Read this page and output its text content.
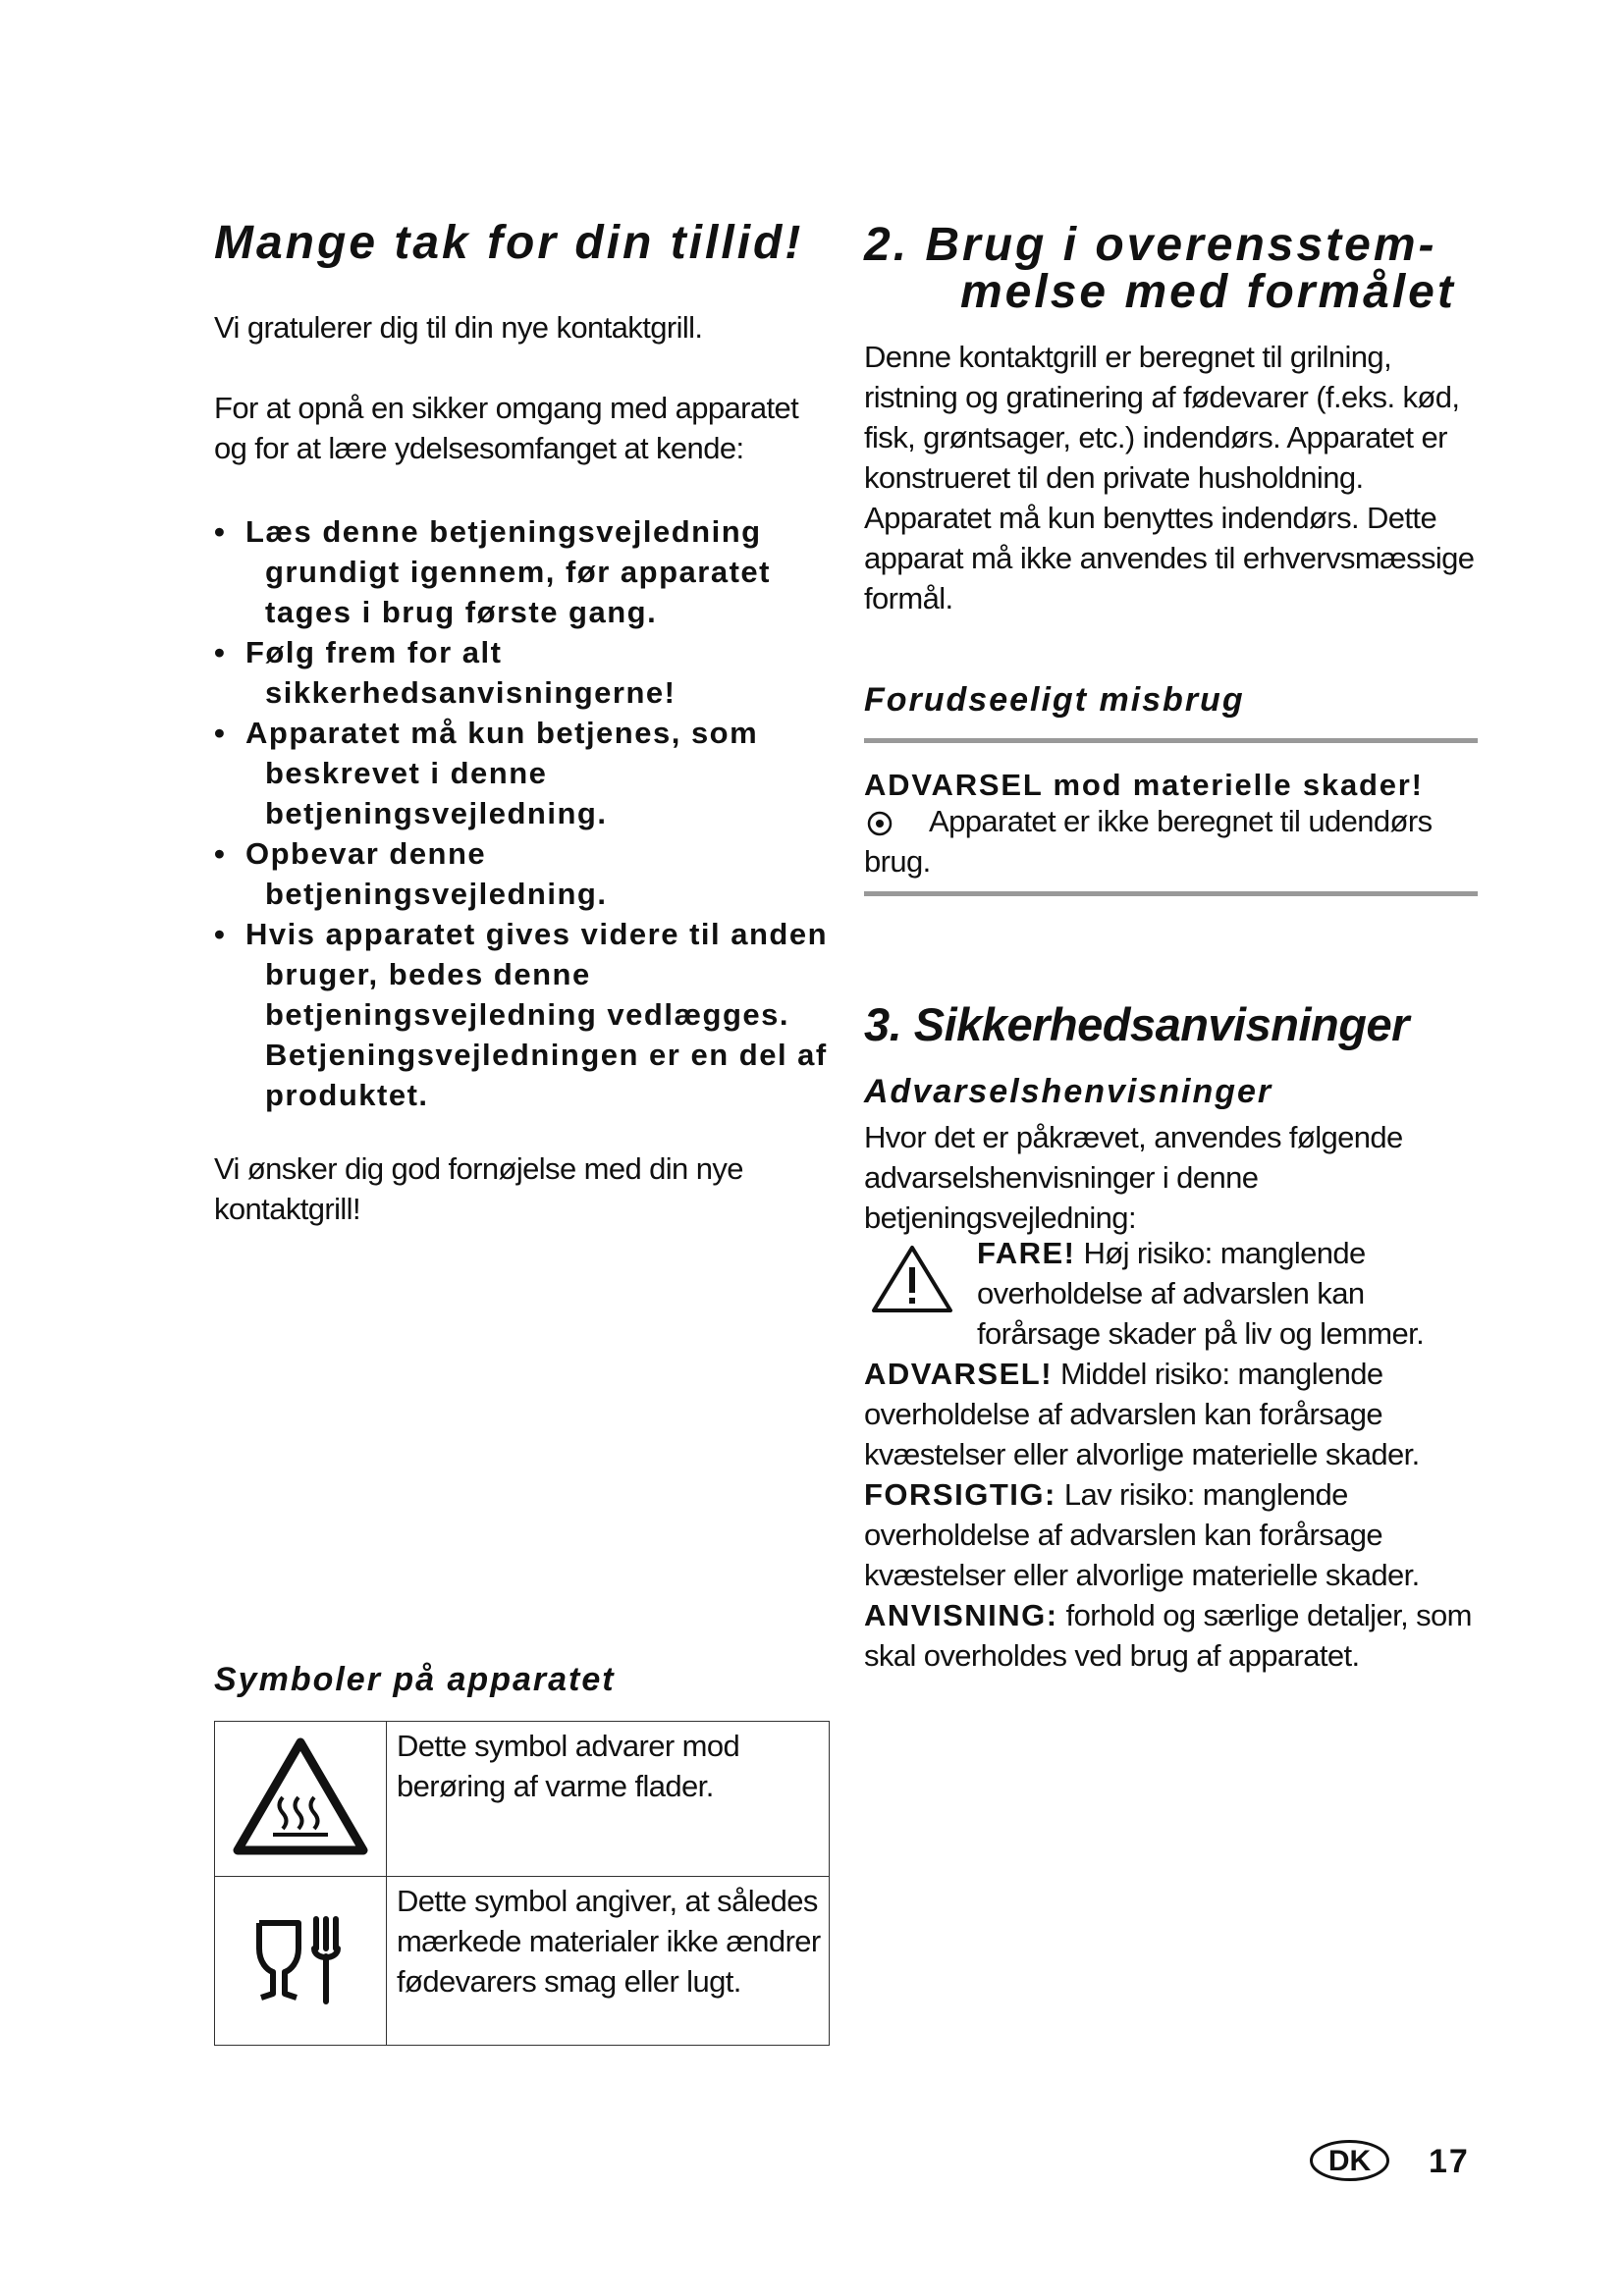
Mange tak for din tillid!

Vi gratulerer dig til din nye kontaktgrill.

For at opnå en sikker omgang med apparatet og for at lære ydelsesomfanget at kende:

• Læs denne betjeningsvejledning grundigt igennem, før apparatet tages i brug første gang.
• Følg frem for alt sikkerhedsanvisningerne!
• Apparatet må kun betjenes, som beskrevet i denne betjeningsvejledning.
• Opbevar denne betjeningsvejledning.
• Hvis apparatet gives videre til anden bruger, bedes denne betjeningsvejledning vedlægges. Betjeningsvejledningen er en del af produktet.

Vi ønsker dig god fornøjelse med din nye kontaktgrill!

Symboler på apparatet
	Dette symbol advarer mod berøring af varme flader.
	Dette symbol angiver, at således mærkede materialer ikke ændrer fødevarers smag eller lugt.
2. Brug i overensstem-
melse med formålet

Denne kontaktgrill er beregnet til grilning, ristning og gratinering af fødevarer (f.eks. kød, fisk, grøntsager, etc.) indendørs. Apparatet er konstrueret til den private husholdning. Apparatet må kun benyttes indendørs. Dette apparat må ikke anvendes til erhvervsmæssige formål.

Forudseeligt misbrug

ADVARSEL mod materielle skader!

Apparatet er ikke beregnet til udendørs brug.

3. Sikkerhedsanvisninger
Advarselshenvisninger

Hvor det er påkrævet, anvendes følgende advarselshenvisninger i denne betjeningsvejledning:

FARE! Høj risiko: manglende overholdelse af advarslen kan forårsage skader på liv og lemmer.

ADVARSEL! Middel risiko: manglende overholdelse af advarslen kan forårsage kvæstelser eller alvorlige materielle skader.

FORSIGTIG: Lav risiko: manglende overholdelse af advarslen kan forårsage kvæstelser eller alvorlige materielle skader.

ANVISNING: forhold og særlige detaljer, som skal overholdes ved brug af apparatet.

DK 17
